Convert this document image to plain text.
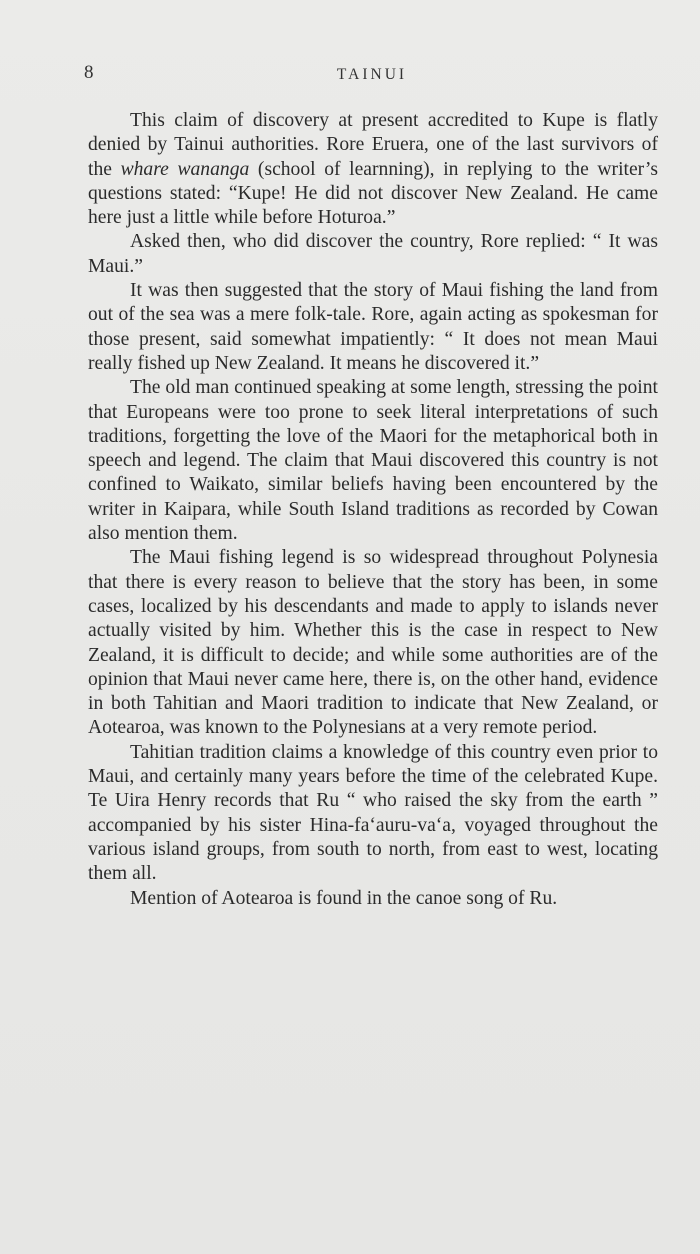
8	TAINUI

This claim of discovery at present accredited to Kupe is flatly denied by Tainui authorities. Rore Eruera, one of the last survivors of the whare wananga (school of learnning), in replying to the writer’s questions stated: “Kupe! He did not discover New Zealand. He came here just a little while before Hoturoa.”

Asked then, who did discover the country, Rore replied: “ It was Maui.”

It was then suggested that the story of Maui fishing the land from out of the sea was a mere folk-tale. Rore, again acting as spokesman for those present, said somewhat impatiently: “ It does not mean Maui really fished up New Zealand. It means he discovered it.”

The old man continued speaking at some length, stressing the point that Europeans were too prone to seek literal interpretations of such traditions, forgetting the love of the Maori for the metaphorical both in speech and legend. The claim that Maui discovered this country is not confined to Waikato, similar beliefs having been encountered by the writer in Kaipara, while South Island traditions as recorded by Cowan also mention them.

The Maui fishing legend is so widespread throughout Polynesia that there is every reason to believe that the story has been, in some cases, localized by his descendants and made to apply to islands never actually visited by him. Whether this is the case in respect to New Zealand, it is difficult to decide; and while some authorities are of the opinion that Maui never came here, there is, on the other hand, evidence in both Tahitian and Maori tradition to indicate that New Zealand, or Aotearoa, was known to the Polynesians at a very remote period.

Tahitian tradition claims a knowledge of this country even prior to Maui, and certainly many years before the time of the celebrated Kupe. Te Uira Henry records that Ru “ who raised the sky from the earth ” accompanied by his sister Hina-fa‘auru-va‘a, voyaged throughout the various island groups, from south to north, from east to west, locating them all.

Mention of Aotearoa is found in the canoe song of Ru.
